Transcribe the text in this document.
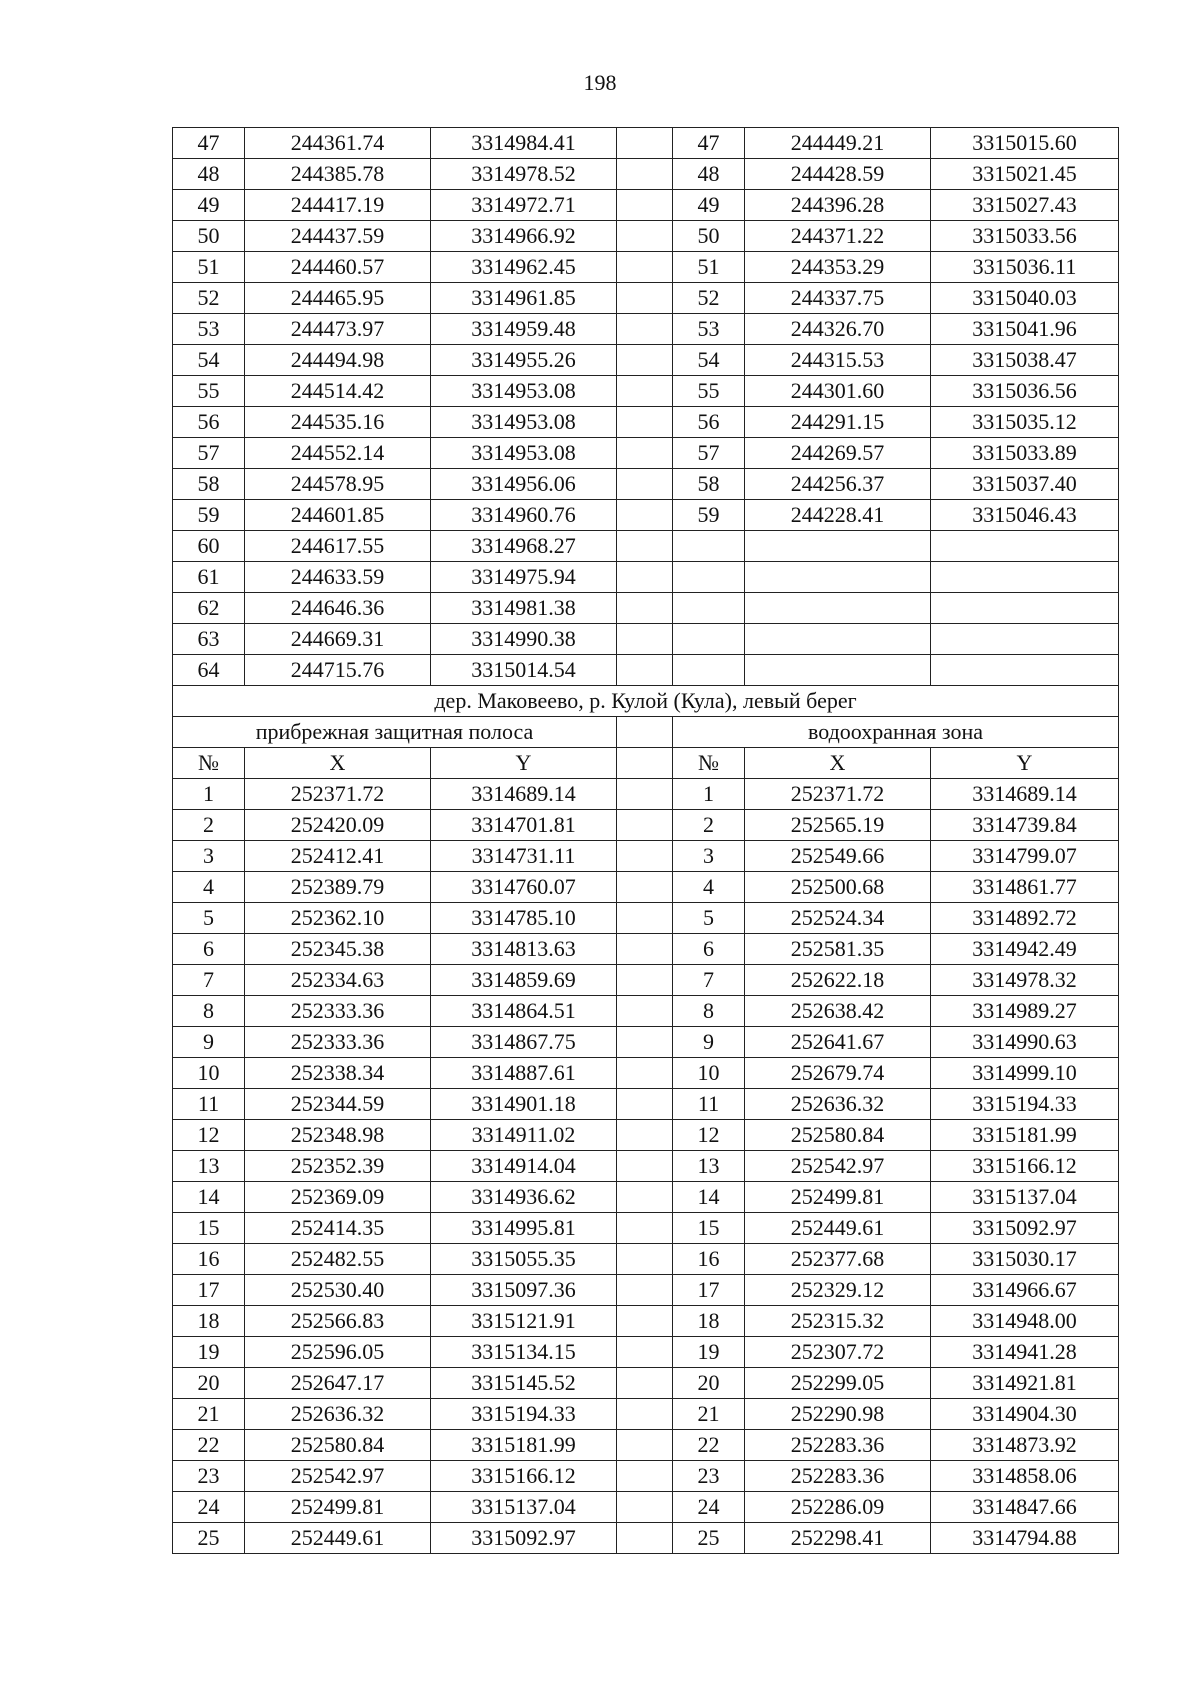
198
47	244361.74	3314984.41		47	244449.21	3315015.60
48	244385.78	3314978.52		48	244428.59	3315021.45
49	244417.19	3314972.71		49	244396.28	3315027.43
50	244437.59	3314966.92		50	244371.22	3315033.56
51	244460.57	3314962.45		51	244353.29	3315036.11
52	244465.95	3314961.85		52	244337.75	3315040.03
53	244473.97	3314959.48		53	244326.70	3315041.96
54	244494.98	3314955.26		54	244315.53	3315038.47
55	244514.42	3314953.08		55	244301.60	3315036.56
56	244535.16	3314953.08		56	244291.15	3315035.12
57	244552.14	3314953.08		57	244269.57	3315033.89
58	244578.95	3314956.06		58	244256.37	3315037.40
59	244601.85	3314960.76		59	244228.41	3315046.43
60	244617.55	3314968.27				
61	244633.59	3314975.94				
62	244646.36	3314981.38				
63	244669.31	3314990.38				
64	244715.76	3315014.54				
дер. Маковеево, р. Кулой (Кула), левый берег						
прибрежная защитная полоса				водоохранная зона		
№	X	Y		№	X	Y
1	252371.72	3314689.14		1	252371.72	3314689.14
2	252420.09	3314701.81		2	252565.19	3314739.84
3	252412.41	3314731.11		3	252549.66	3314799.07
4	252389.79	3314760.07		4	252500.68	3314861.77
5	252362.10	3314785.10		5	252524.34	3314892.72
6	252345.38	3314813.63		6	252581.35	3314942.49
7	252334.63	3314859.69		7	252622.18	3314978.32
8	252333.36	3314864.51		8	252638.42	3314989.27
9	252333.36	3314867.75		9	252641.67	3314990.63
10	252338.34	3314887.61		10	252679.74	3314999.10
11	252344.59	3314901.18		11	252636.32	3315194.33
12	252348.98	3314911.02		12	252580.84	3315181.99
13	252352.39	3314914.04		13	252542.97	3315166.12
14	252369.09	3314936.62		14	252499.81	3315137.04
15	252414.35	3314995.81		15	252449.61	3315092.97
16	252482.55	3315055.35		16	252377.68	3315030.17
17	252530.40	3315097.36		17	252329.12	3314966.67
18	252566.83	3315121.91		18	252315.32	3314948.00
19	252596.05	3315134.15		19	252307.72	3314941.28
20	252647.17	3315145.52		20	252299.05	3314921.81
21	252636.32	3315194.33		21	252290.98	3314904.30
22	252580.84	3315181.99		22	252283.36	3314873.92
23	252542.97	3315166.12		23	252283.36	3314858.06
24	252499.81	3315137.04		24	252286.09	3314847.66
25	252449.61	3315092.97		25	252298.41	3314794.88
